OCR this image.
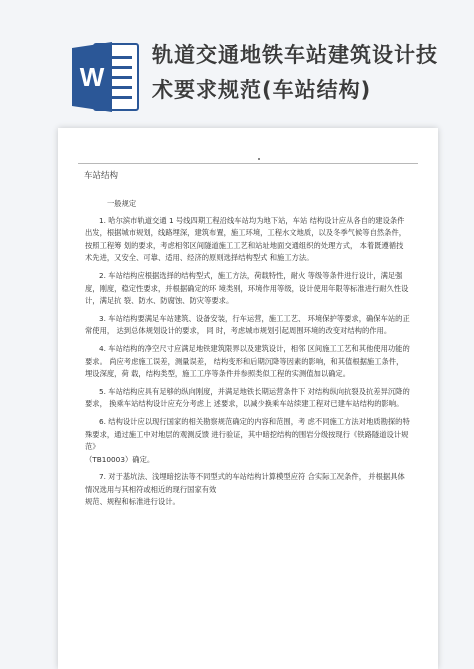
W
轨道交通地铁车站建筑设计技术要求规范(车站结构)
车站结构

一般规定

1. 哈尔滨市轨道交通 1 号线四期工程沿线车站均为地下站，车站 结构设计应从各自的建设条件出发，根据城市规划，线路埋深，建筑布置，施工环境，工程水文地质，以及冬季气候等自然条件，按照工程筹 划的要求，考虑相邻区间隧道施工工艺和站址地面交通组织的处理方式， 本着既遵循技术先进，又安全、可靠、适用、经济的原则选择结构型式 和施工方法。

2. 车站结构应根据选择的结构型式，施工方法，荷载特性，耐火 等级等条件进行设计，满足强度，刚度，稳定性要求，并根据确定的环 境类别，环境作用等级，设计使用年限等标准进行耐久性设计，满足抗 裂、防水、防腐蚀、防灾等要求。

3. 车站结构要满足车站建筑、设备安装，行车运营，施工工艺、 环境保护等要求，确保车站的正常使用， 达到总体规划设计的要求， 同 时，考虑城市规划引起周围环境的改变对结构的作用。

4. 车站结构的净空尺寸应满足地铁建筑限界以及建筑设计，相邻 区间施工工艺和其他使用功能的要求。 尚应考虑施工误差，测量误差， 结构变形和后期沉降等因素的影响，和其值根据施工条件，埋设深度，荷 载，结构类型，施工工序等条件并参照类似工程的实测值加以确定。

5. 车站结构应具有足够的纵向刚度，并满足地铁长期运营条件下 对结构纵向抗裂及抗差异沉降的要求， 换乘车站结构设计应充分考虑上 述要求，以减少换乘车站续建工程对已建车站结构的影响。

6. 结构设计应以现行国家的相关勘察规范确定的内容和范围，考 虑不同施工方法对地质勘探的特殊要求，通过施工中对地层的观测反馈 进行验证，其中暗挖结构的围岩分级按现行《铁路隧道设计规范》

（TB10003）确定。

7. 对于基坑法、浅埋暗挖法等不同型式的车站结构计算模型应符 合实际工况条件， 并根据具体情况选用与其相符或相近的现行国家有效

规范、规程和标准进行设计。
